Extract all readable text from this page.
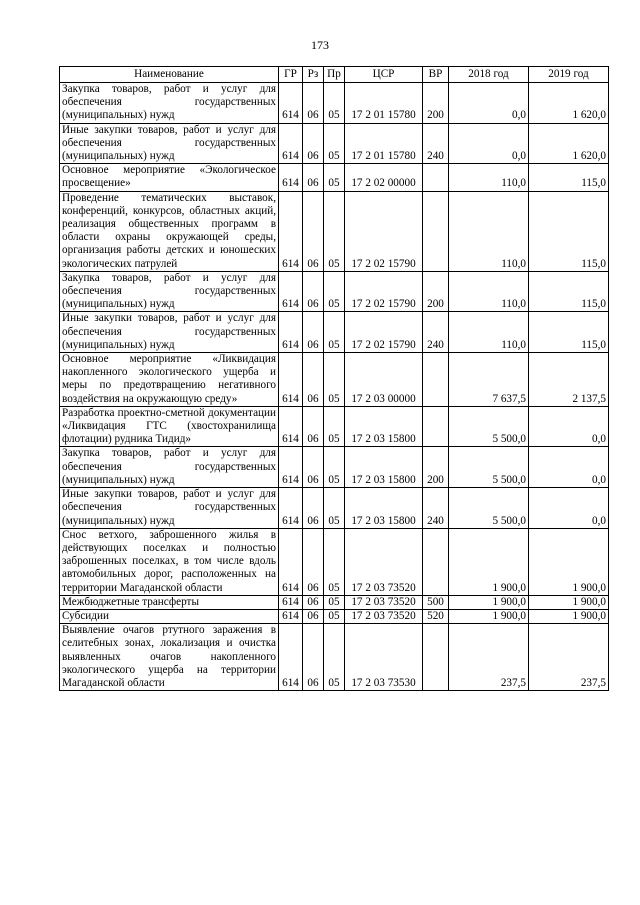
173
Наименование	ГР	Рз	Пр	ЦСР	ВР	2018 год	2019 год
Закупка товаров, работ и услуг для обеспечения государственных (муниципальных) нужд	614	06	05	17 2 01 15780	200	0,0	1 620,0
Иные закупки товаров, работ и услуг для обеспечения государственных (муниципальных) нужд	614	06	05	17 2 01 15780	240	0,0	1 620,0
Основное мероприятие «Экологическое просвещение»	614	06	05	17 2 02 00000		110,0	115,0
Проведение тематических выставок, конференций, конкурсов, областных акций, реализация общественных программ в области охраны окружающей среды, организация работы детских и юношеских экологических патрулей	614	06	05	17 2 02 15790		110,0	115,0
Закупка товаров, работ и услуг для обеспечения государственных (муниципальных) нужд	614	06	05	17 2 02 15790	200	110,0	115,0
Иные закупки товаров, работ и услуг для обеспечения государственных (муниципальных) нужд	614	06	05	17 2 02 15790	240	110,0	115,0
Основное мероприятие «Ликвидация накопленного экологического ущерба и меры по предотвращению негативного воздействия на окружающую среду»	614	06	05	17 2 03 00000		7 637,5	2 137,5
Разработка проектно-сметной документации «Ликвидация ГТС (хвостохранилища флотации) рудника Тидид»	614	06	05	17 2 03 15800		5 500,0	0,0
Закупка товаров, работ и услуг для обеспечения государственных (муниципальных) нужд	614	06	05	17 2 03 15800	200	5 500,0	0,0
Иные закупки товаров, работ и услуг для обеспечения государственных (муниципальных) нужд	614	06	05	17 2 03 15800	240	5 500,0	0,0
Снос ветхого, заброшенного жилья в действующих поселках и полностью заброшенных поселках, в том числе вдоль автомобильных дорог, расположенных на территории Магаданской области	614	06	05	17 2 03 73520		1 900,0	1 900,0
Межбюджетные трансферты	614	06	05	17 2 03 73520	500	1 900,0	1 900,0
Субсидии	614	06	05	17 2 03 73520	520	1 900,0	1 900,0
Выявление очагов ртутного заражения в селитебных зонах, локализация и очистка выявленных очагов накопленного экологического ущерба на территории Магаданской области	614	06	05	17 2 03 73530		237,5	237,5
